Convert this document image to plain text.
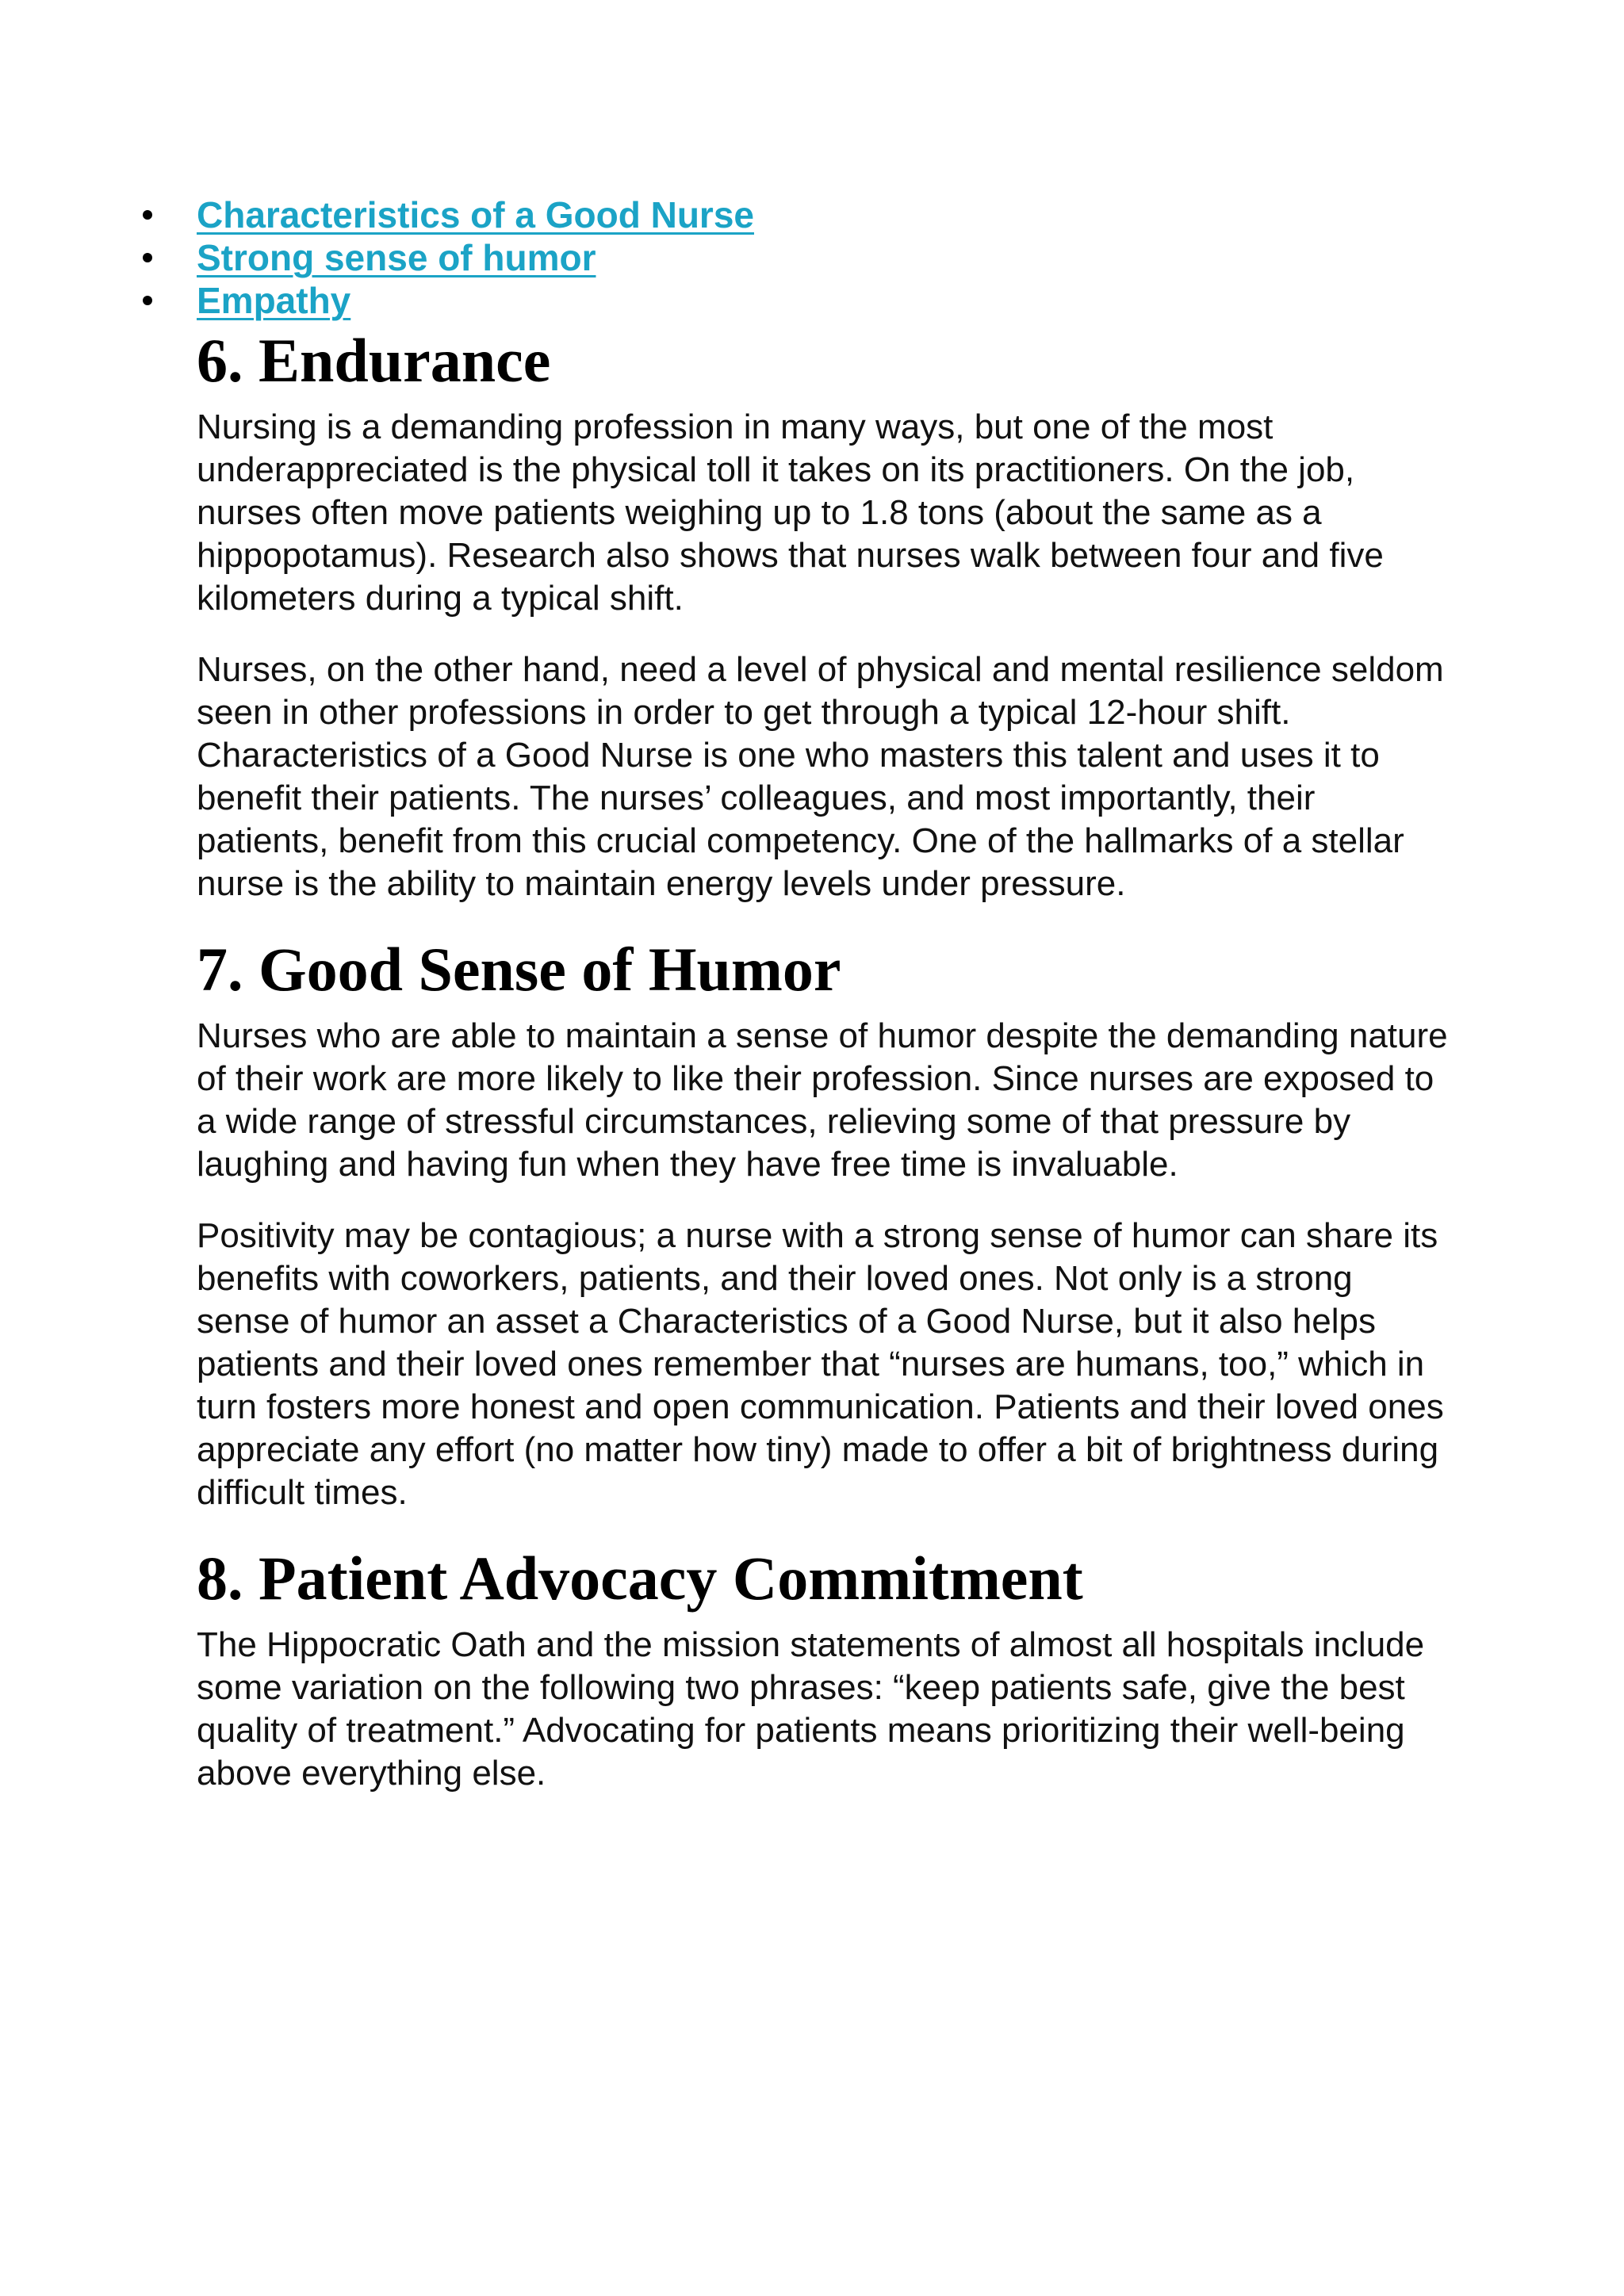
Characteristics of a Good Nurse
Strong sense of humor
Empathy
6. Endurance

Nursing is a demanding profession in many ways, but one of the most underappreciated is the physical toll it takes on its practitioners. On the job, nurses often move patients weighing up to 1.8 tons (about the same as a hippopotamus). Research also shows that nurses walk between four and five kilometers during a typical shift.

Nurses, on the other hand, need a level of physical and mental resilience seldom seen in other professions in order to get through a typical 12-hour shift. Characteristics of a Good Nurse is one who masters this talent and uses it to benefit their patients. The nurses’ colleagues, and most importantly, their patients, benefit from this crucial competency. One of the hallmarks of a stellar nurse is the ability to maintain energy levels under pressure.

7. Good Sense of Humor

Nurses who are able to maintain a sense of humor despite the demanding nature of their work are more likely to like their profession. Since nurses are exposed to a wide range of stressful circumstances, relieving some of that pressure by laughing and having fun when they have free time is invaluable.

Positivity may be contagious; a nurse with a strong sense of humor can share its benefits with coworkers, patients, and their loved ones. Not only is a strong sense of humor an asset a Characteristics of a Good Nurse, but it also helps patients and their loved ones remember that “nurses are humans, too,” which in turn fosters more honest and open communication. Patients and their loved ones appreciate any effort (no matter how tiny) made to offer a bit of brightness during difficult times.

8. Patient Advocacy Commitment

The Hippocratic Oath and the mission statements of almost all hospitals include some variation on the following two phrases: “keep patients safe, give the best quality of treatment.” Advocating for patients means prioritizing their well-being above everything else.
